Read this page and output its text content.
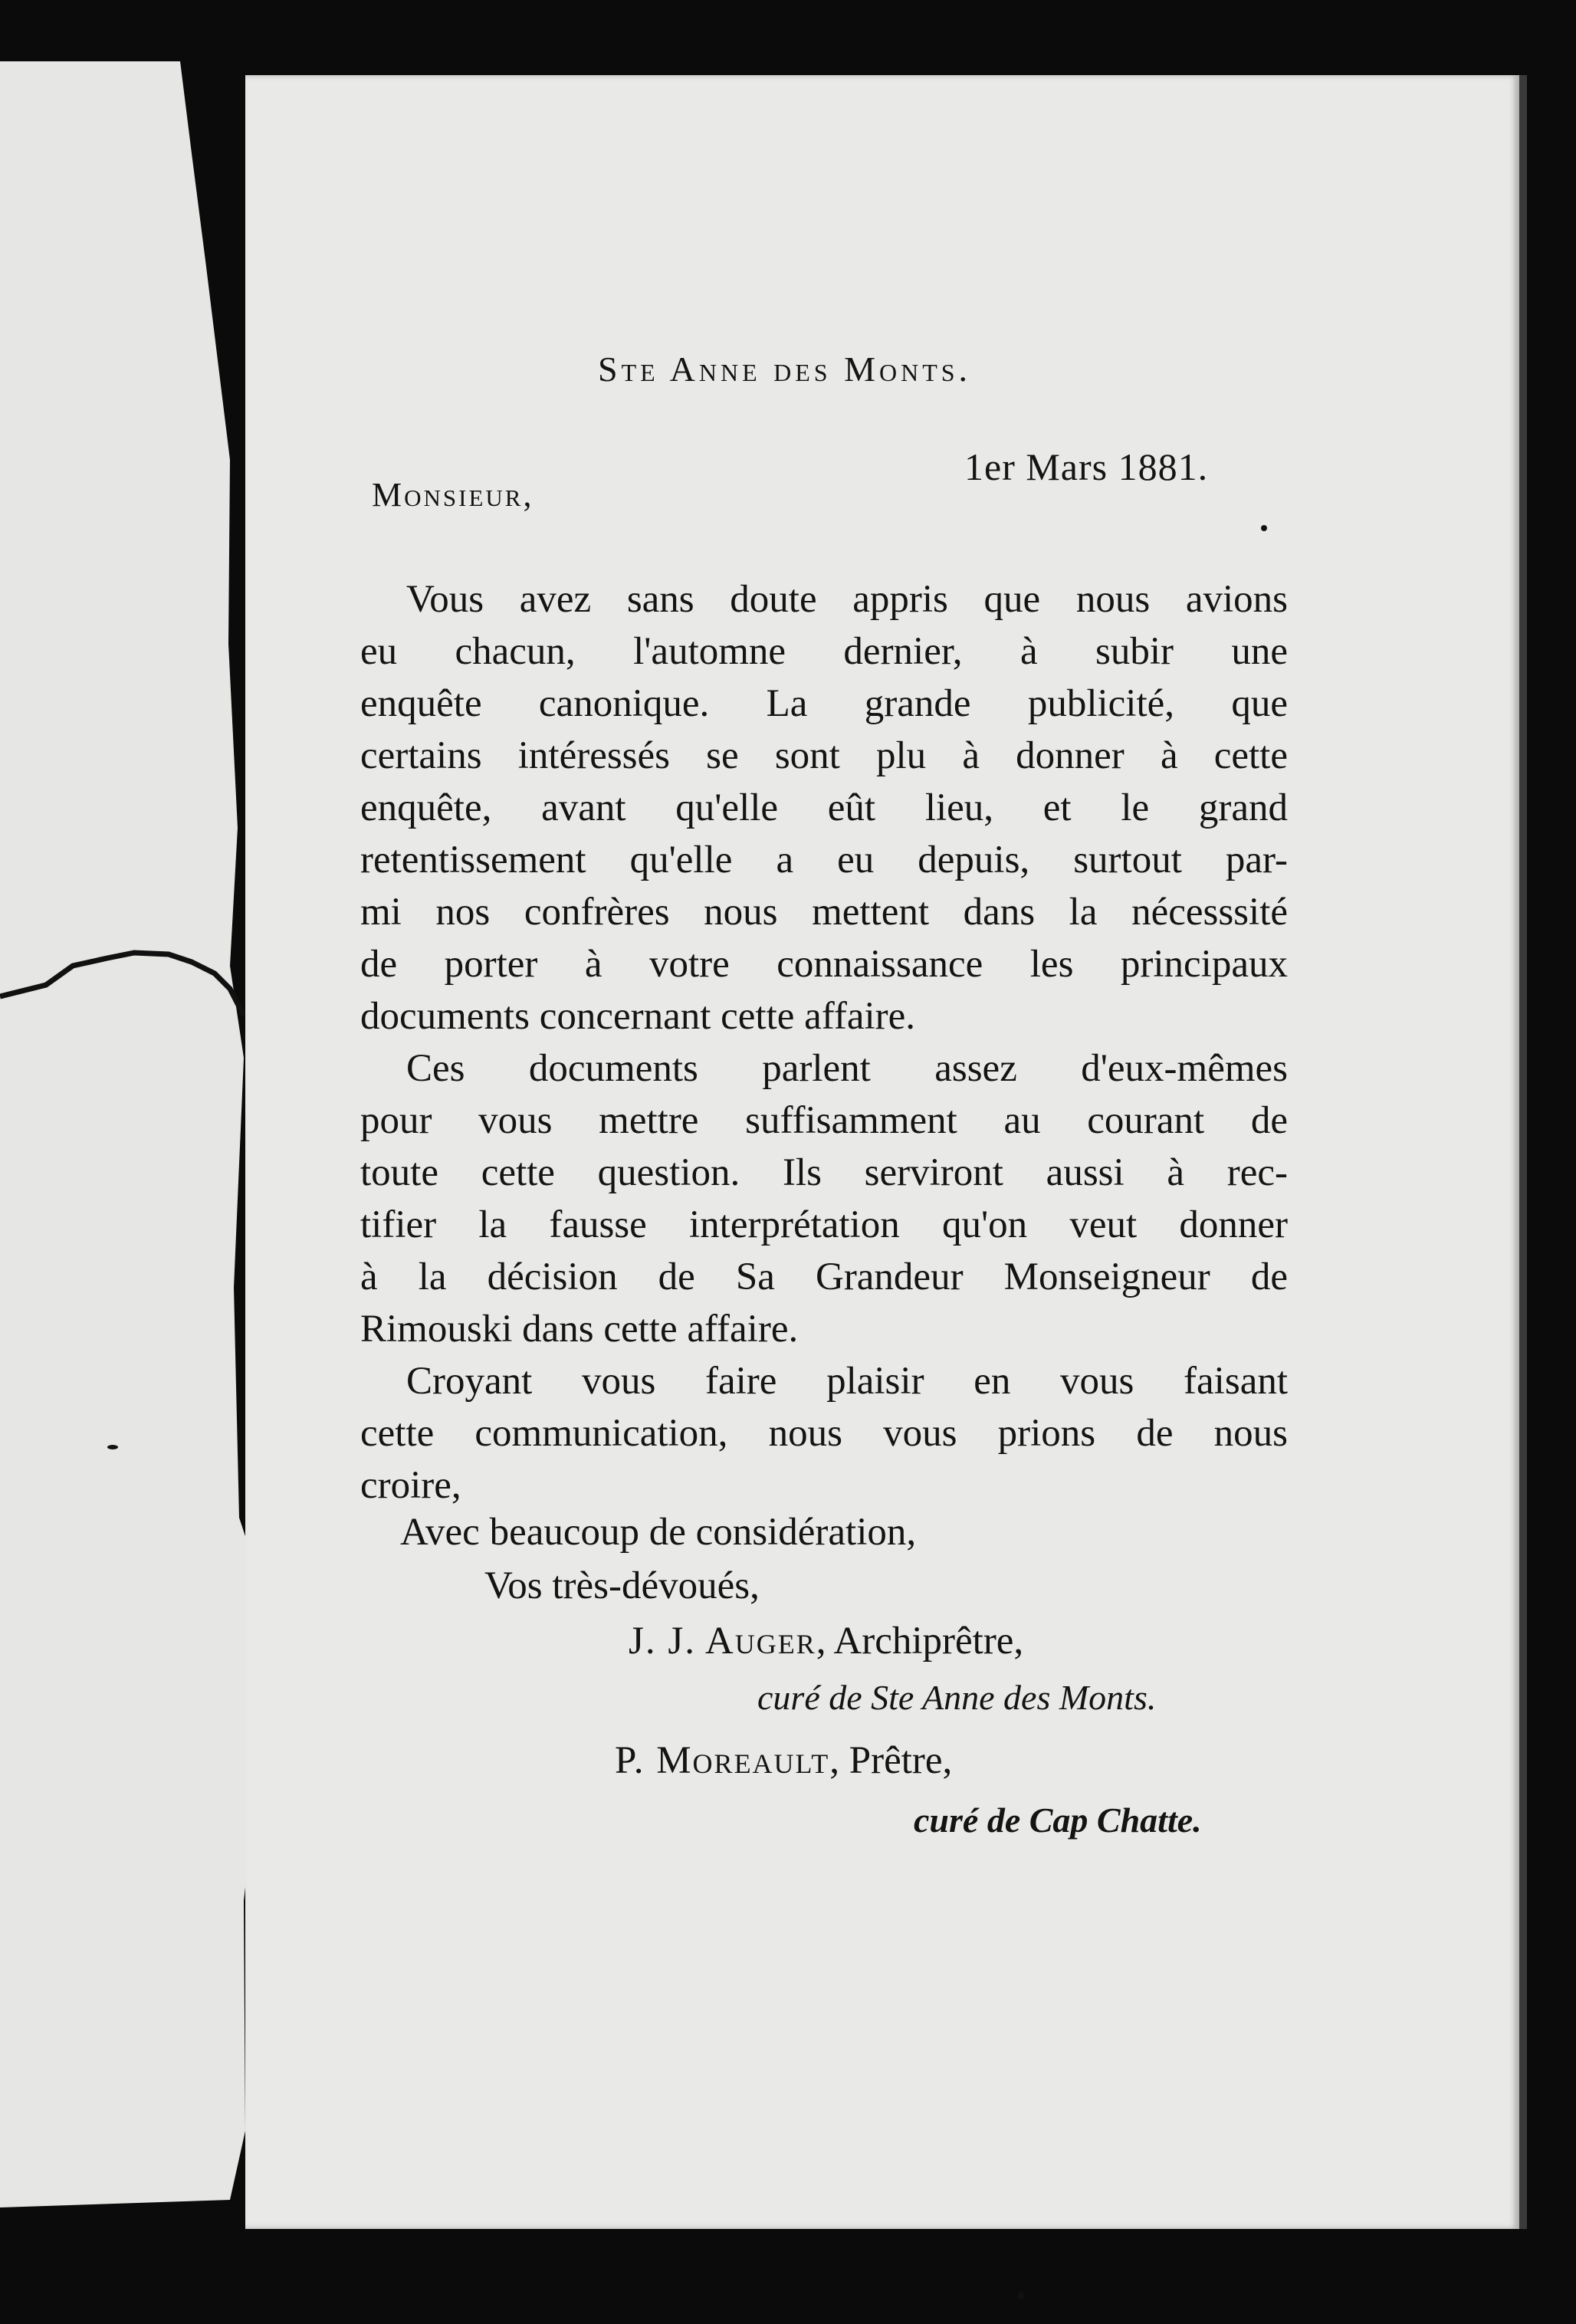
Ste Anne des Monts.
1er Mars 1881.
Monsieur,
Vous avez sans doute appris que nous avions
eu chacun, l'automne dernier, à subir une
enquête canonique. La grande publicité, que
certains intéressés se sont plu à donner à cette
enquête, avant qu'elle eût lieu, et le grand
retentissement qu'elle a eu depuis, surtout par-
mi nos confrères nous mettent dans la nécesssité
de porter à votre connaissance les principaux
documents concernant cette affaire.
Ces documents parlent assez d'eux-mêmes
pour vous mettre suffisamment au courant de
toute cette question. Ils serviront aussi à rec-
tifier la fausse interprétation qu'on veut donner
à la décision de Sa Grandeur Monseigneur de
Rimouski dans cette affaire.
Croyant vous faire plaisir en vous faisant
cette communication, nous vous prions de nous
croire,
Avec beaucoup de considération,
Vos très-dévoués,
J. J. Auger, Archiprêtre,
curé de Ste Anne des Monts.
P. Moreault, Prêtre,
curé de Cap Chatte.
